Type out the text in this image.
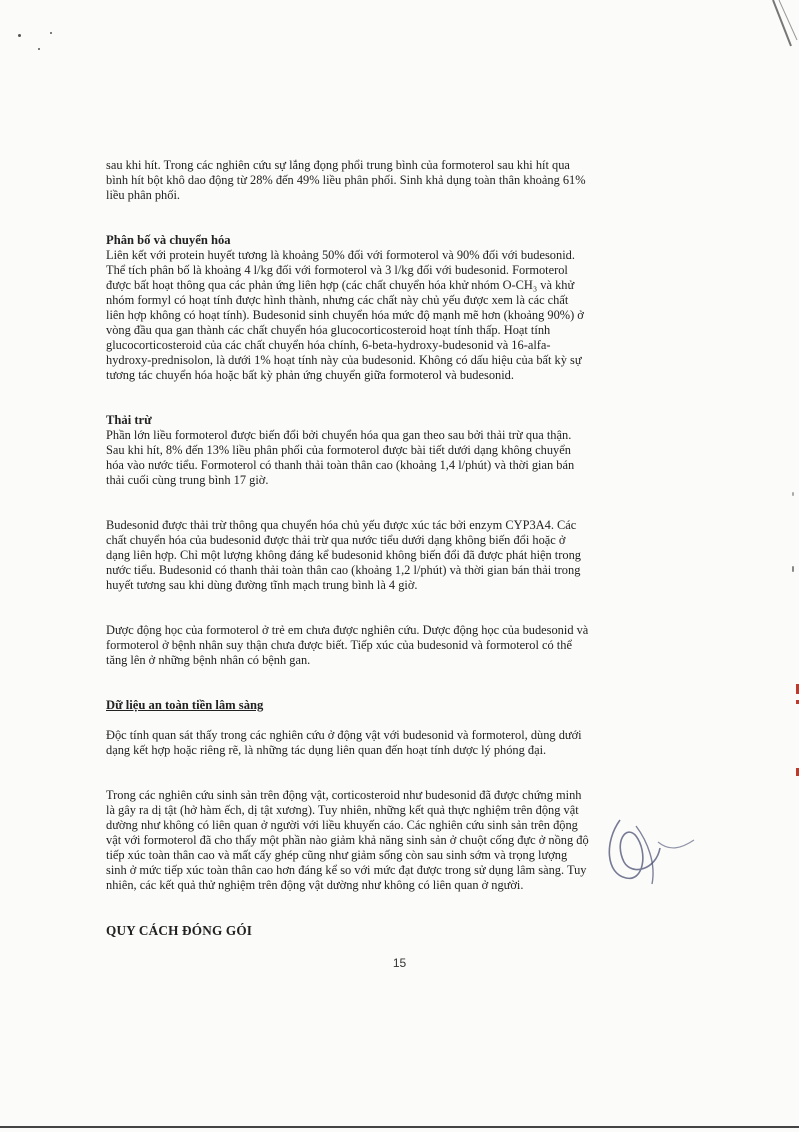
sau khi hít. Trong các nghiên cứu sự lắng đọng phổi trung bình của formoterol sau khi hít qua

bình hít bột khô dao động từ 28% đến 49% liều phân phối. Sinh khả dụng toàn thân khoảng 61%

liều phân phối.

Phân bố và chuyển hóa

Liên kết với protein huyết tương là khoảng 50% đối với formoterol và 90% đối với budesonid.

Thể tích phân bố là khoảng 4 l/kg đối với formoterol và 3 l/kg đối với budesonid. Formoterol

được bất hoạt thông qua các phản ứng liên hợp (các chất chuyển hóa khử nhóm O-CH₃ và khử

nhóm formyl có hoạt tính được hình thành, nhưng các chất này chủ yếu được xem là các chất

liên hợp không có hoạt tính). Budesonid sinh chuyển hóa mức độ mạnh mẽ hơn (khoảng 90%) ở

vòng đầu qua gan thành các chất chuyển hóa glucocorticosteroid hoạt tính thấp. Hoạt tính

glucocorticosteroid của các chất chuyển hóa chính, 6-beta-hydroxy-budesonid và 16-alfa-

hydroxy-prednisolon, là dưới 1% hoạt tính này của budesonid. Không có dấu hiệu của bất kỳ sự

tương tác chuyển hóa hoặc bất kỳ phản ứng chuyển giữa formoterol và budesonid.

Thải trừ

Phần lớn liều formoterol được biến đổi bởi chuyển hóa qua gan theo sau bởi thải trừ qua thận.

Sau khi hít, 8% đến 13% liều phân phối của formoterol được bài tiết dưới dạng không chuyển

hóa vào nước tiểu. Formoterol có thanh thải toàn thân cao (khoảng 1,4 l/phút) và thời gian bán

thải cuối cùng trung bình 17 giờ.

Budesonid được thải trừ thông qua chuyển hóa chủ yếu được xúc tác bởi enzym CYP3A4. Các

chất chuyển hóa của budesonid được thải trừ qua nước tiểu dưới dạng không biến đổi hoặc ở

dạng liên hợp. Chỉ một lượng không đáng kể budesonid không biến đổi đã được phát hiện trong

nước tiểu. Budesonid có thanh thải toàn thân cao (khoảng 1,2 l/phút) và thời gian bán thải trong

huyết tương sau khi dùng đường tĩnh mạch trung bình là 4 giờ.

Dược động học của formoterol ở trẻ em chưa được nghiên cứu. Dược động học của budesonid và

formoterol ở bệnh nhân suy thận chưa được biết. Tiếp xúc của budesonid và formoterol có thể

tăng lên ở những bệnh nhân có bệnh gan.

Dữ liệu an toàn tiền lâm sàng

Độc tính quan sát thấy trong các nghiên cứu ở động vật với budesonid và formoterol, dùng dưới

dạng kết hợp hoặc riêng rẽ, là những tác dụng liên quan đến hoạt tính dược lý phóng đại.

Trong các nghiên cứu sinh sản trên động vật, corticosteroid như budesonid đã được chứng minh

là gây ra dị tật (hở hàm ếch, dị tật xương). Tuy nhiên, những kết quả thực nghiệm trên động vật

dường như không có liên quan ở người với liều khuyến cáo. Các nghiên cứu sinh sản trên động

vật với formoterol đã cho thấy một phần nào giảm khả năng sinh sản ở chuột cống đực ở nồng độ

tiếp xúc toàn thân cao và mất cấy ghép cũng như giảm sống còn sau sinh sớm và trọng lượng

sinh ở mức tiếp xúc toàn thân cao hơn đáng kể so với mức đạt được trong sử dụng lâm sàng. Tuy

nhiên, các kết quả thử nghiệm trên động vật dường như không có liên quan ở người.

QUY CÁCH ĐÓNG GÓI

15
